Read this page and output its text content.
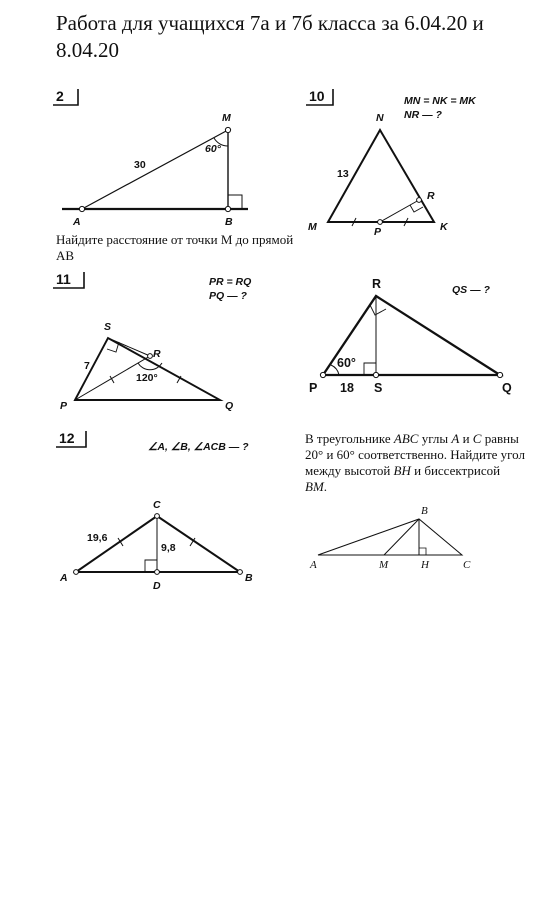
Работа для учащихся 7а и 7б класса за 6.04.20 и 8.04.20
2
M
A	B
30
60°
10	MN = NK = MK
NR — ?
N
M	K
R
P
13
11	PR = RQ
PQ — ?
S
R
P	Q
7
120°
QS — ?
R
P	S	Q
60°
18
12
∠A, ∠B, ∠ACB — ?
C
A	B
D
19,6
9,8
B
A	M	H	C
Найдите расстояние от точки М до прямой АВ
В треугольнике ABC углы A и C равны 20° и 60° соответственно. Найдите угол между высотой BH и биссектрисой BM.
